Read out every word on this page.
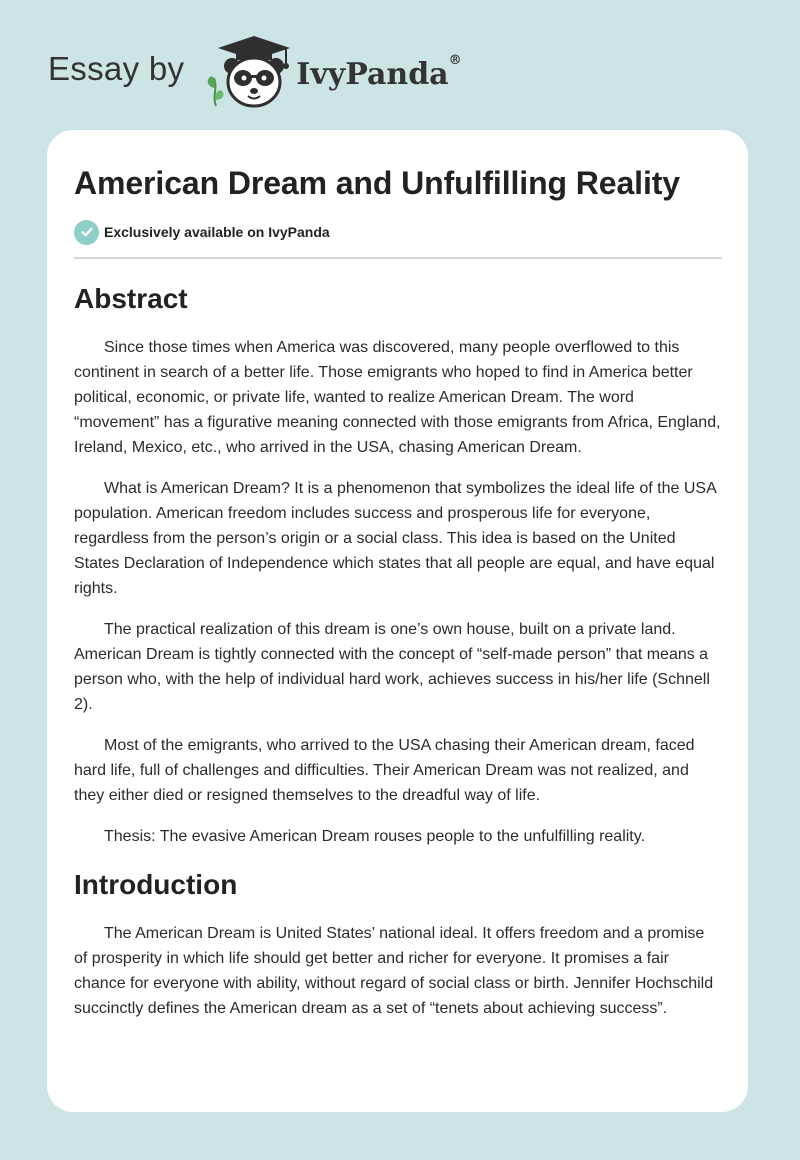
Essay by	IvyPanda®
American Dream and Unfulfilling Reality
Exclusively available on IvyPanda
Abstract

Since those times when America was discovered, many people overflowed to this continent in search of a better life. Those emigrants who hoped to find in America better political, economic, or private life, wanted to realize American Dream. The word “movement” has a figurative meaning connected with those emigrants from Africa, England, Ireland, Mexico, etc., who arrived in the USA, chasing American Dream.

What is American Dream? It is a phenomenon that symbolizes the ideal life of the USA population. American freedom includes success and prosperous life for everyone, regardless from the person’s origin or a social class. This idea is based on the United States Declaration of Independence which states that all people are equal, and have equal rights.

The practical realization of this dream is one’s own house, built on a private land. American Dream is tightly connected with the concept of “self-made person” that means a person who, with the help of individual hard work, achieves success in his/her life (Schnell 2).

Most of the emigrants, who arrived to the USA chasing their American dream, faced hard life, full of challenges and difficulties. Their American Dream was not realized, and they either died or resigned themselves to the dreadful way of life.

Thesis: The evasive American Dream rouses people to the unfulfilling reality.

Introduction

The American Dream is United States’ national ideal. It offers freedom and a promise of prosperity in which life should get better and richer for everyone. It promises a fair chance for everyone with ability, without regard of social class or birth. Jennifer Hochschild succinctly defines the American dream as a set of “tenets about achieving success”.
